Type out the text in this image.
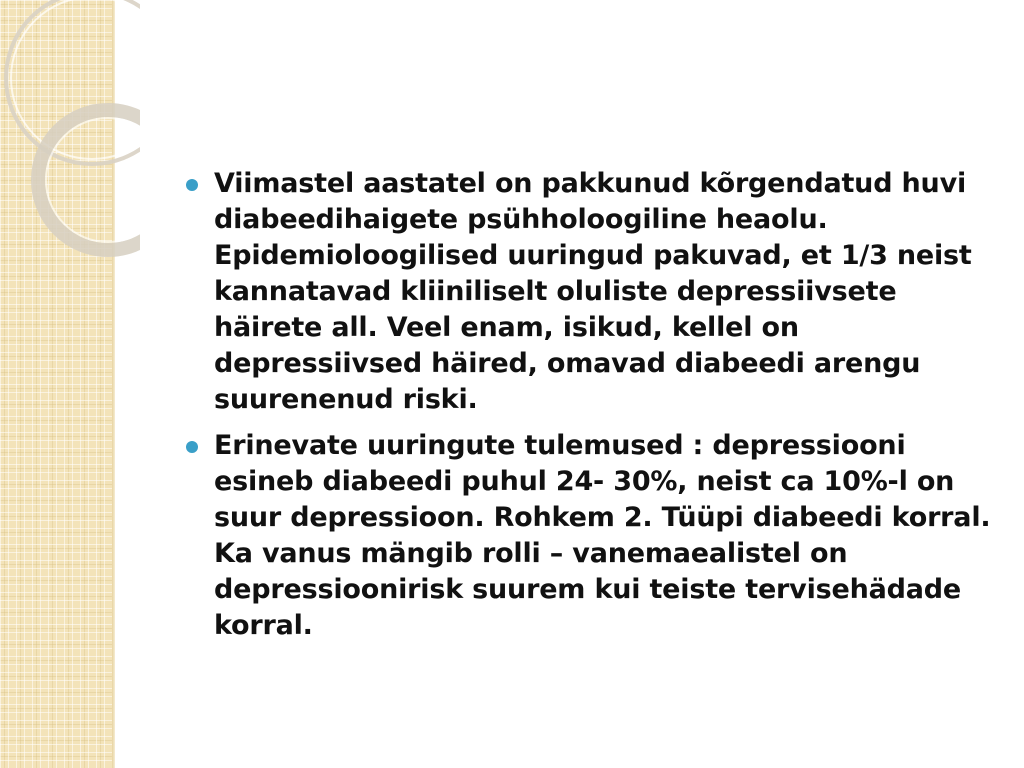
Viimastel aastatel on pakkunud kõrgendatud huvi diabeedihaigete psühholoogiline heaolu. Epidemioloogilised uuringud pakuvad, et 1/3 neist kannatavad kliiniliselt oluliste depressiivsete häirete all. Veel enam, isikud, kellel on depressiivsed häired, omavad diabeedi arengu suurenenud riski.
Erinevate uuringute tulemused : depressiooni esineb diabeedi puhul 24- 30%, neist ca 10%-l on suur depressioon. Rohkem 2. Tüüpi diabeedi korral. Ka vanus mängib rolli – vanemaealistel on depressioonirisk suurem kui teiste tervisehädade korral.
